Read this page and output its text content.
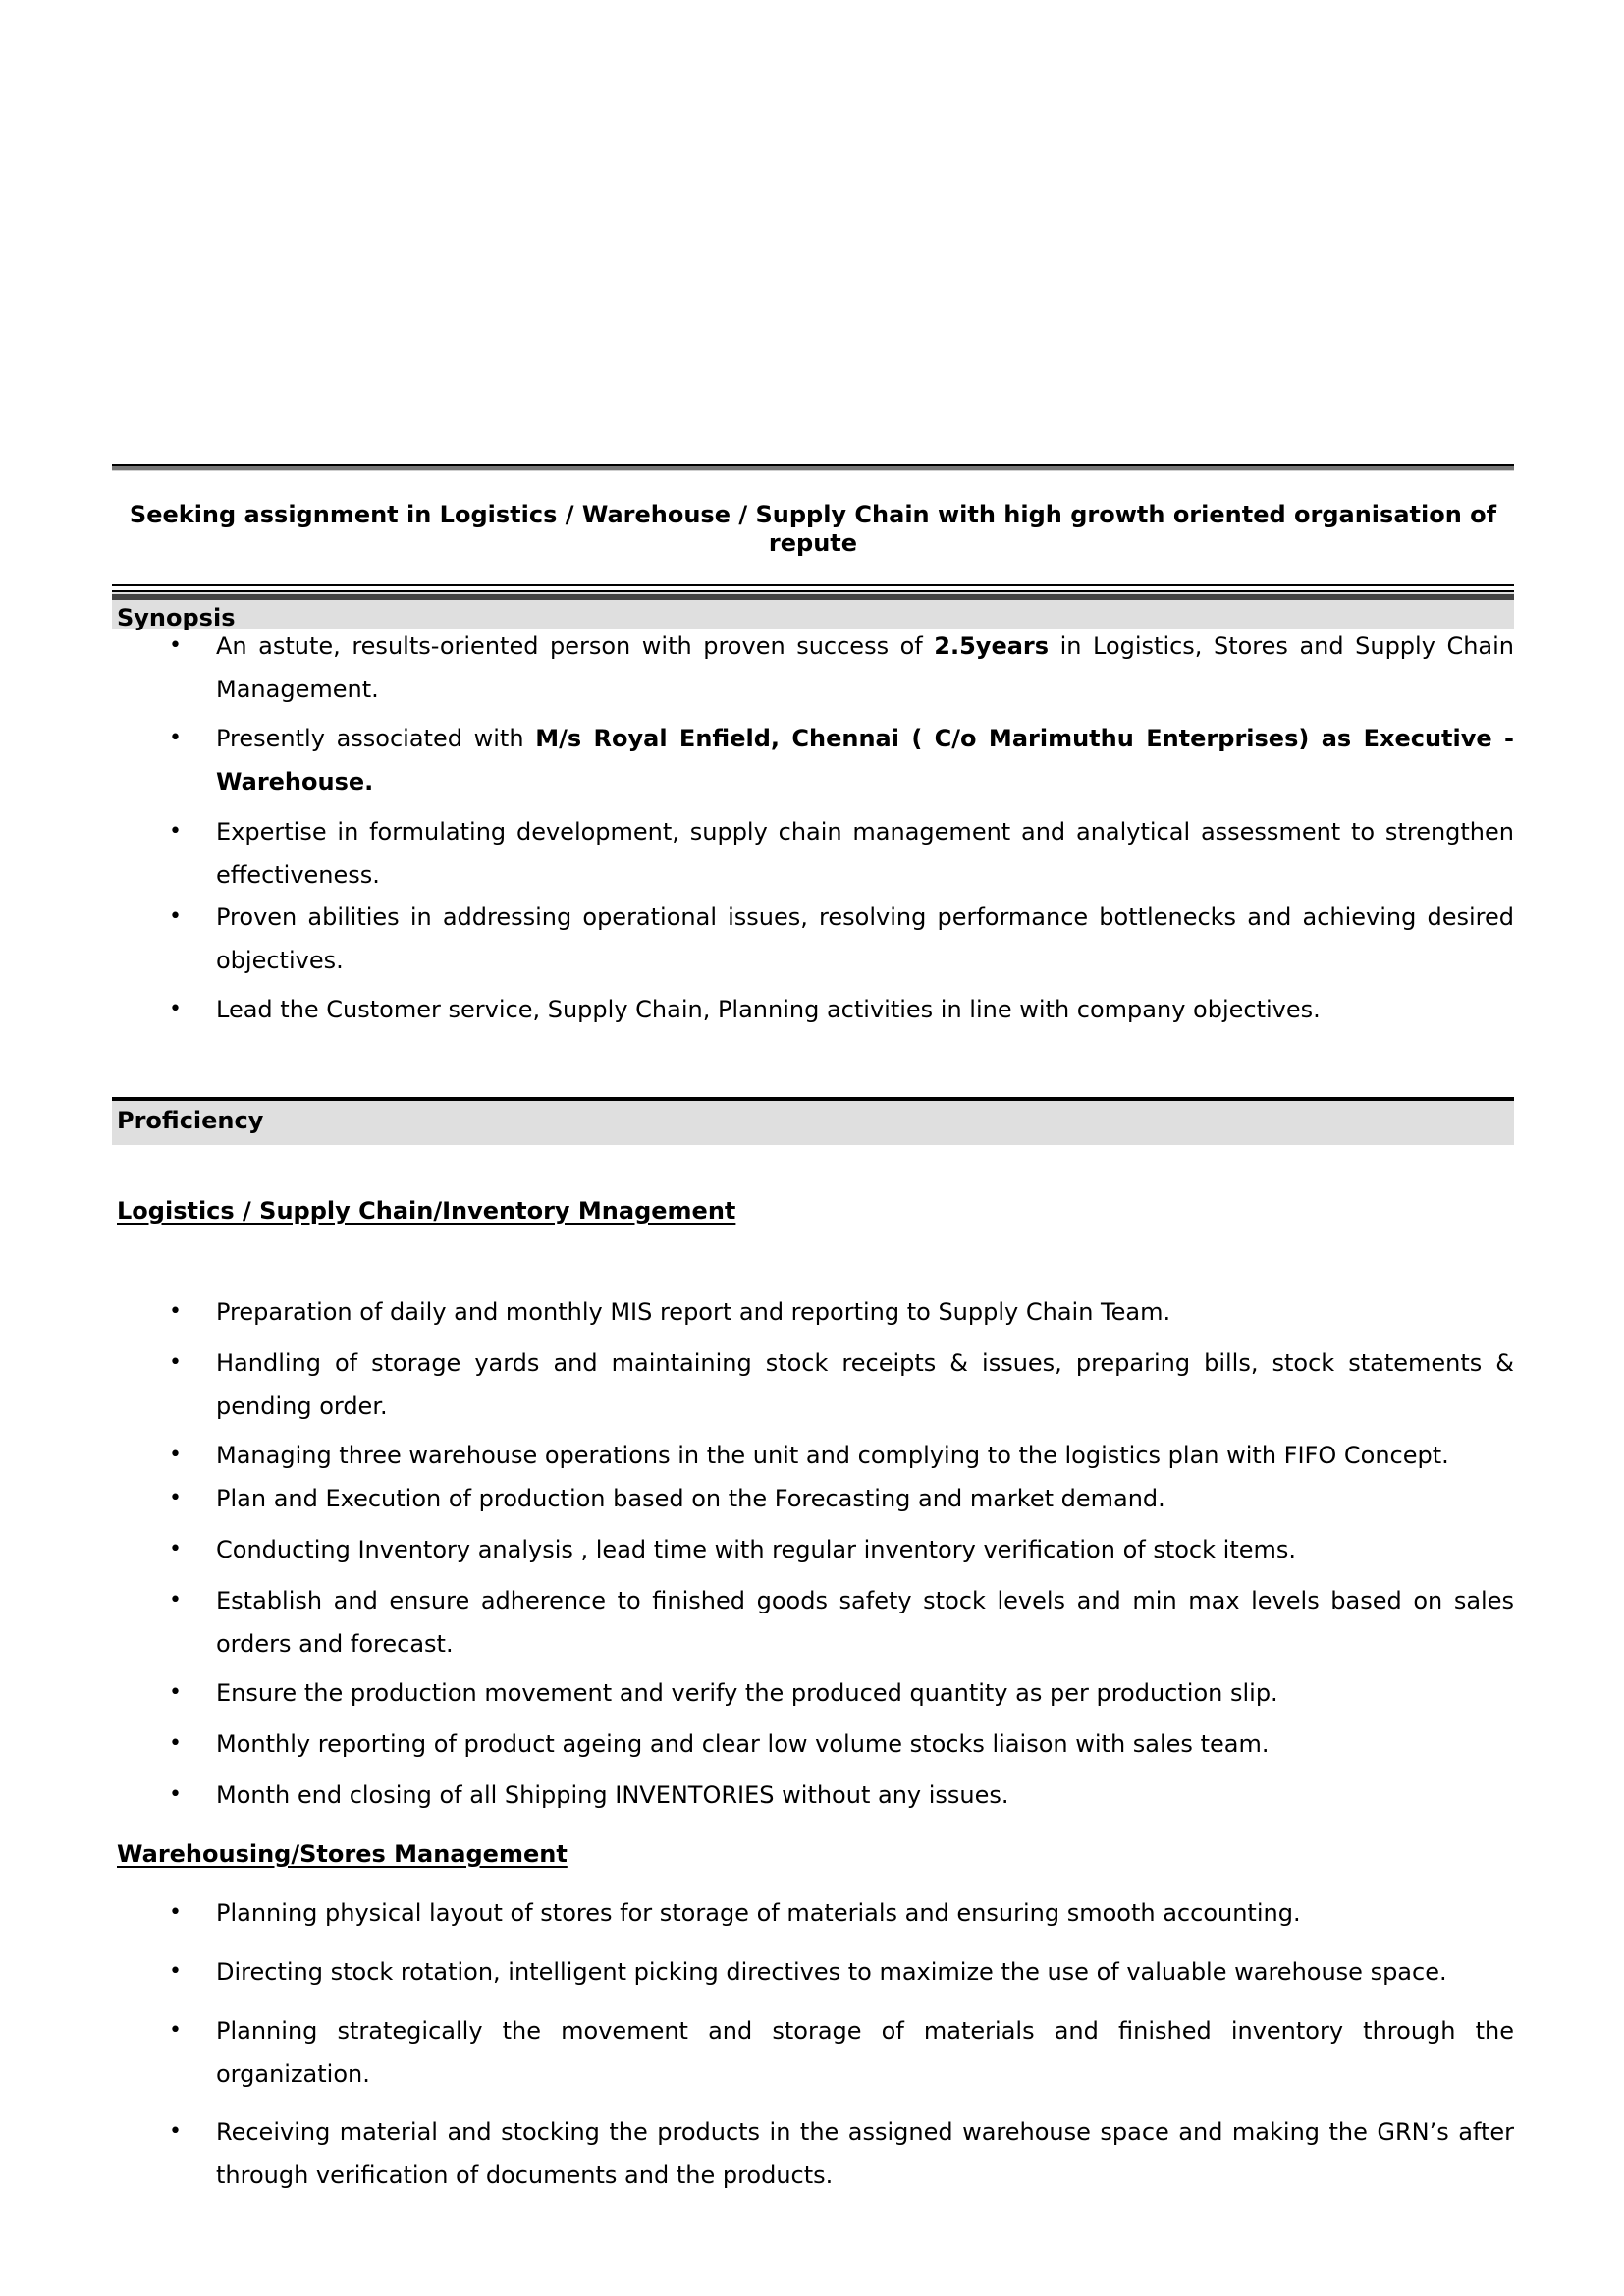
Seeking assignment in Logistics / Warehouse / Supply Chain with high growth oriented organisation of repute
Synopsis
• An astute, results-oriented person with proven success of 2.5years in Logistics, Stores and Supply Chain Management.
• Presently associated with M/s Royal Enfield, Chennai ( C/o Marimuthu Enterprises) as Executive - Warehouse.
• Expertise in formulating development, supply chain management and analytical assessment to strengthen effectiveness.
• Proven abilities in addressing operational issues, resolving performance bottlenecks and achieving desired objectives.
• Lead the Customer service, Supply Chain, Planning activities in line with company objectives.
Proficiency
Logistics / Supply Chain/Inventory Mnagement
• Preparation of daily and monthly MIS report and reporting to Supply Chain Team.
• Handling of storage yards and maintaining stock receipts & issues, preparing bills, stock statements & pending order.
• Managing three warehouse operations in the unit and complying to the logistics plan with FIFO Concept.
• Plan and Execution of production based on the Forecasting and market demand.
• Conducting Inventory analysis , lead time with regular inventory verification of stock items.
• Establish and ensure adherence to finished goods safety stock levels and min max levels based on sales orders and forecast.
• Ensure the production movement and verify the produced quantity as per production slip.
• Monthly reporting of product ageing and clear low volume stocks liaison with sales team.
• Month end closing of all Shipping INVENTORIES without any issues.
Warehousing/Stores Management
• Planning physical layout of stores for storage of materials and ensuring smooth accounting.
• Directing stock rotation, intelligent picking directives to maximize the use of valuable warehouse space.
• Planning strategically the movement and storage of materials and finished inventory through the organization.
• Receiving material and stocking the products in the assigned warehouse space and making the GRN’s after through verification of documents and the products.
